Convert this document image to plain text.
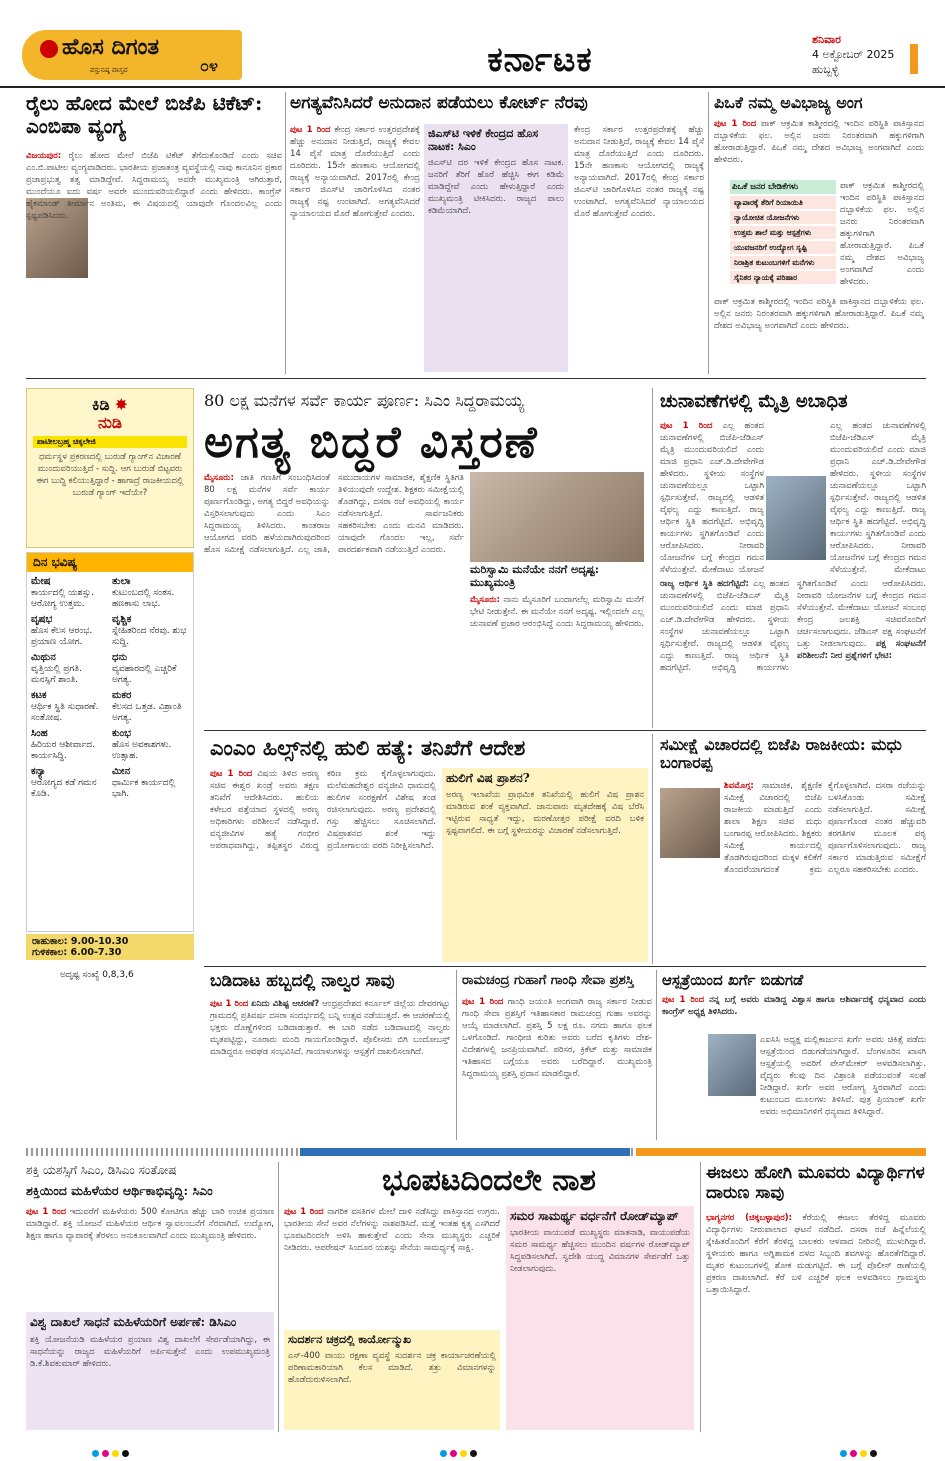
ಹೊಸ ದಿಗಂತ
ವಸ್ತುನಿಷ್ಠ ವಾಸ್ತವ	೦೪	ಕರ್ನಾಟಕ
ಶನಿವಾರ
4 ಅಕ್ಟೋಬರ್ 2025
ಹುಬ್ಬಳ್ಳಿ
ರೈಲು ಹೋದ ಮೇಲೆ ಬಿಜೆಪಿ ಟಿಕೆಟ್: ಎಂಬಿಪಾ ವ್ಯಂಗ್ಯ
ವಿಜಯಪುರ: ರೈಲು ಹೋದ ಮೇಲೆ ಬಿಜೆಪಿ ಟಿಕೆಟ್ ತೆಗೆದುಕೊಂಡಿದೆ ಎಂದು ಸಚಿವ ಎಂ.ಬಿ.ಪಾಟೀಲ ವ್ಯಂಗ್ಯವಾಡಿದರು. ಭಾರತೀಯ ಪ್ರಜಾತಂತ್ರ ವ್ಯವಸ್ಥೆಯಲ್ಲಿ ನಾವು ಕಾನೂನಿನ ಪ್ರಕಾರ ಪ್ರಜಾಪ್ರಭುತ್ವ ತತ್ವ ಮಾಡಿದ್ದೇವೆ. ಸಿದ್ದರಾಮಯ್ಯ ಅವರೇ ಮುಖ್ಯಮಂತ್ರಿ ಆಗಿರುತ್ತಾರೆ, ಮುಂದೆಯೂ ಐದು ವರ್ಷ ಅವರೇ ಮುಂದುವರಿಯಲಿದ್ದಾರೆ ಎಂದು ಹೇಳಿದರು. ಕಾಂಗ್ರೆಸ್ ಹೈಕಮಾಂಡ್ ತೀರ್ಮಾನ ಅಂತಿಮ, ಈ ವಿಷಯದಲ್ಲಿ ಯಾವುದೇ ಗೊಂದಲವಿಲ್ಲ ಎಂದು ಸ್ಪಷ್ಟಪಡಿಸಿದರು.
ಅಗತ್ಯವೆನಿಸಿದರೆ ಅನುದಾನ ಪಡೆಯಲು ಕೋರ್ಟ್ ನೆರವು
ಪುಟ 1 ರಿಂದ ಕೇಂದ್ರ ಸರ್ಕಾರ ಉತ್ತರಪ್ರದೇಶಕ್ಕೆ ಹೆಚ್ಚು ಅನುದಾನ ನೀಡುತ್ತಿದೆ, ರಾಜ್ಯಕ್ಕೆ ಕೇವಲ 14 ಪೈಸೆ ಮಾತ್ರ ದೊರೆಯುತ್ತಿದೆ ಎಂದು ದೂರಿದರು. 15ನೇ ಹಣಕಾಸು ಆಯೋಗದಲ್ಲಿ ರಾಜ್ಯಕ್ಕೆ ಅನ್ಯಾಯವಾಗಿದೆ. 2017ರಲ್ಲಿ ಕೇಂದ್ರ ಸರ್ಕಾರ ಜಿಎಸ್‌ಟಿ ಜಾರಿಗೊಳಿಸಿದ ನಂತರ ರಾಜ್ಯಕ್ಕೆ ನಷ್ಟ ಉಂಟಾಗಿದೆ. ಅಗತ್ಯವೆನಿಸಿದರೆ ನ್ಯಾಯಾಲಯದ ಮೊರೆ ಹೋಗುತ್ತೇವೆ ಎಂದರು.
ಜಿಎಸ್‌ಟಿ ಇಳಿಕೆ ಕೇಂದ್ರದ ಹೊಸ ನಾಟಕ: ಸಿಎಂ
ಜಿಎಸ್‌ಟಿ ದರ ಇಳಿಕೆ ಕೇಂದ್ರದ ಹೊಸ ನಾಟಕ. ಜನರಿಗೆ ತೆರಿಗೆ ಹೊರೆ ಹೆಚ್ಚಿಸಿ ಈಗ ಕಡಿಮೆ ಮಾಡಿದ್ದೇವೆ ಎಂದು ಹೇಳುತ್ತಿದ್ದಾರೆ ಎಂದು ಮುಖ್ಯಮಂತ್ರಿ ಟೀಕಿಸಿದರು. ರಾಜ್ಯದ ಪಾಲು ಕಡಿಮೆಯಾಗಿದೆ.
ಕೇಂದ್ರ ಸರ್ಕಾರ ಉತ್ತರಪ್ರದೇಶಕ್ಕೆ ಹೆಚ್ಚು ಅನುದಾನ ನೀಡುತ್ತಿದೆ, ರಾಜ್ಯಕ್ಕೆ ಕೇವಲ 14 ಪೈಸೆ ಮಾತ್ರ ದೊರೆಯುತ್ತಿದೆ ಎಂದು ದೂರಿದರು. 15ನೇ ಹಣಕಾಸು ಆಯೋಗದಲ್ಲಿ ರಾಜ್ಯಕ್ಕೆ ಅನ್ಯಾಯವಾಗಿದೆ. 2017ರಲ್ಲಿ ಕೇಂದ್ರ ಸರ್ಕಾರ ಜಿಎಸ್‌ಟಿ ಜಾರಿಗೊಳಿಸಿದ ನಂತರ ರಾಜ್ಯಕ್ಕೆ ನಷ್ಟ ಉಂಟಾಗಿದೆ. ಅಗತ್ಯವೆನಿಸಿದರೆ ನ್ಯಾಯಾಲಯದ ಮೊರೆ ಹೋಗುತ್ತೇವೆ ಎಂದರು.
ಪಿಒಕೆ ನಮ್ಮ ಅವಿಭಾಜ್ಯ ಅಂಗ
ಪುಟ 1 ರಿಂದ ಪಾಕ್ ಆಕ್ರಮಿತ ಕಾಶ್ಮೀರದಲ್ಲಿ ಇಂದಿನ ಪರಿಸ್ಥಿತಿ ಪಾಕಿಸ್ತಾನದ ದಬ್ಬಾಳಿಕೆಯ ಫಲ. ಅಲ್ಲಿನ ಜನರು ನಿರಂತರವಾಗಿ ಹಕ್ಕುಗಳಿಗಾಗಿ ಹೋರಾಡುತ್ತಿದ್ದಾರೆ. ಪಿಒಕೆ ನಮ್ಮ ದೇಶದ ಅವಿಭಾಜ್ಯ ಅಂಗವಾಗಿದೆ ಎಂದು ಹೇಳಿದರು.
ಪಿಒಕೆ ಜನರ ಬೇಡಿಕೆಗಳು
ವ್ಯಾಪಾರಕ್ಕೆ ತೆರಿಗೆ ರಿಯಾಯಿತಿ
ನ್ಯಾಯೋಚಿತ ಯೋಜನೆಗಳು
ಉತ್ತಮ ಶಾಲೆ ಮತ್ತು ಆಸ್ಪತ್ರೆಗಳು
ಯುವಜನರಿಗೆ ಉದ್ಯೋಗ ಸೃಷ್ಟಿ
ನಿರಾಶ್ರಿತ ಕುಟುಂಬಗಳಿಗೆ ಮನೆಗಳು
ಸೈನಿಕರ ನ್ಯಾಯಕ್ಕೆ ಪರಿಹಾರ
ಪಾಕ್ ಆಕ್ರಮಿತ ಕಾಶ್ಮೀರದಲ್ಲಿ ಇಂದಿನ ಪರಿಸ್ಥಿತಿ ಪಾಕಿಸ್ತಾನದ ದಬ್ಬಾಳಿಕೆಯ ಫಲ. ಅಲ್ಲಿನ ಜನರು ನಿರಂತರವಾಗಿ ಹಕ್ಕುಗಳಿಗಾಗಿ ಹೋರಾಡುತ್ತಿದ್ದಾರೆ. ಪಿಒಕೆ ನಮ್ಮ ದೇಶದ ಅವಿಭಾಜ್ಯ ಅಂಗವಾಗಿದೆ ಎಂದು ಹೇಳಿದರು.
ಪಾಕ್ ಆಕ್ರಮಿತ ಕಾಶ್ಮೀರದಲ್ಲಿ ಇಂದಿನ ಪರಿಸ್ಥಿತಿ ಪಾಕಿಸ್ತಾನದ ದಬ್ಬಾಳಿಕೆಯ ಫಲ. ಅಲ್ಲಿನ ಜನರು ನಿರಂತರವಾಗಿ ಹಕ್ಕುಗಳಿಗಾಗಿ ಹೋರಾಡುತ್ತಿದ್ದಾರೆ. ಪಿಒಕೆ ನಮ್ಮ ದೇಶದ ಅವಿಭಾಜ್ಯ ಅಂಗವಾಗಿದೆ ಎಂದು ಹೇಳಿದರು.
ಕಿಡಿ ✸
ನುಡಿ
ಪಾಟೀಲಬ್ರಹ್ಮ ಚಿಕ್ಕಲೇಜಿ
ಧರ್ಮಸ್ಥಳ ಪ್ರಕರಣದಲ್ಲಿ ಬುರುಡೆ ಗ್ಯಾಂಗ್‌ನ ವಿಚಾರಣೆ ಮುಂದುವರಿಯುತ್ತಿದೆ - ಸುದ್ದಿ. ಆಗ ಬುರುಡೆ ಬಿಟ್ಟವರು ಈಗ ಬುದ್ಧಿ ಕಲಿಯುತ್ತಿದ್ದಾರೆ - ಹಾಗಾದ್ರೆ ರಾಜಕೀಯದಲ್ಲಿ ಬುರುಡೆ ಗ್ಯಾಂಗ್ ಇದೆಯೇ?
ದಿನ ಭವಿಷ್ಯ
ಮೇಷ
ಕಾರ್ಯದಲ್ಲಿ ಯಶಸ್ಸು. ಆರೋಗ್ಯ ಉತ್ತಮ.
ತುಲಾ
ಕುಟುಂಬದಲ್ಲಿ ಸಂತಸ. ಹಣಕಾಸು ಲಾಭ.
ವೃಷಭ
ಹೊಸ ಕೆಲಸ ಆರಂಭ. ಪ್ರಯಾಣ ಯೋಗ.
ವೃಶ್ಚಿಕ
ಸ್ನೇಹಿತರಿಂದ ನೆರವು. ಶುಭ ಸುದ್ದಿ.
ಮಿಥುನ
ವೃತ್ತಿಯಲ್ಲಿ ಪ್ರಗತಿ. ಮನಸ್ಸಿಗೆ ಶಾಂತಿ.
ಧನು
ವ್ಯವಹಾರದಲ್ಲಿ ಎಚ್ಚರಿಕೆ ಅಗತ್ಯ.
ಕಟಕ
ಆರ್ಥಿಕ ಸ್ಥಿತಿ ಸುಧಾರಣೆ. ಸಂತೋಷ.
ಮಕರ
ಕೆಲಸದ ಒತ್ತಡ. ವಿಶ್ರಾಂತಿ ಅಗತ್ಯ.
ಸಿಂಹ
ಹಿರಿಯರ ಆಶೀರ್ವಾದ. ಕಾರ್ಯಸಿದ್ಧಿ.
ಕುಂಭ
ಹೊಸ ಅವಕಾಶಗಳು. ಉತ್ಸಾಹ.
ಕನ್ಯಾ
ಆರೋಗ್ಯದ ಕಡೆ ಗಮನ ಕೊಡಿ.
ಮೀನ
ಧಾರ್ಮಿಕ ಕಾರ್ಯದಲ್ಲಿ ಭಾಗಿ.
ರಾಹುಕಾಲ: 9.00-10.30
ಗುಳಿಕಕಾಲ: 6.00-7.30
ಅದೃಷ್ಟ ಸಂಖ್ಯೆ 0,8,3,6
80 ಲಕ್ಷ ಮನೆಗಳ ಸರ್ವೆ ಕಾರ್ಯ ಪೂರ್ಣ: ಸಿಎಂ ಸಿದ್ದರಾಮಯ್ಯ
ಅಗತ್ಯ ಬಿದ್ದರೆ ವಿಸ್ತರಣೆ
ಮೈಸೂರು: ಜಾತಿ ಗಣತಿಗೆ ಸಂಬಂಧಿಸಿದಂತೆ 80 ಲಕ್ಷ ಮನೆಗಳ ಸರ್ವೆ ಕಾರ್ಯ ಪೂರ್ಣಗೊಂಡಿದ್ದು, ಅಗತ್ಯ ಬಿದ್ದರೆ ಅವಧಿಯನ್ನು ವಿಸ್ತರಿಸಲಾಗುವುದು ಎಂದು ಸಿಎಂ ಸಿದ್ದರಾಮಯ್ಯ ತಿಳಿಸಿದರು. ಕಾಂತರಾಜ ಆಯೋಗದ ವರದಿ ಹಳೆಯದಾಗಿರುವುದರಿಂದ ಹೊಸ ಸಮೀಕ್ಷೆ ನಡೆಸಲಾಗುತ್ತಿದೆ. ಎಲ್ಲ ಜಾತಿ, ಸಮುದಾಯಗಳ ಸಾಮಾಜಿಕ, ಶೈಕ್ಷಣಿಕ ಸ್ಥಿತಿಗತಿ ತಿಳಿಯುವುದೇ ಉದ್ದೇಶ. ಶಿಕ್ಷಕರು ಸಮೀಕ್ಷೆಯಲ್ಲಿ ತೊಡಗಿದ್ದು, ದಸರಾ ರಜೆ ಅವಧಿಯಲ್ಲಿ ಕಾರ್ಯ ನಡೆಸಲಾಗುತ್ತಿದೆ. ಸಾರ್ವಜನಿಕರು ಸಹಕರಿಸಬೇಕು ಎಂದು ಮನವಿ ಮಾಡಿದರು. ಯಾವುದೇ ಗೊಂದಲ ಇಲ್ಲ, ಸರ್ವೆ ಪಾರದರ್ಶಕವಾಗಿ ನಡೆಯುತ್ತಿದೆ ಎಂದರು.
ಮರಿಸ್ವಾಮಿ ಮನೆಯೇ ನನಗೆ ಅದೃಷ್ಟ: ಮುಖ್ಯಮಂತ್ರಿ
ಮೈಸೂರು: ನಾನು ಮೈಸೂರಿಗೆ ಬಂದಾಗಲೆಲ್ಲ ಮರಿಸ್ವಾಮಿ ಮನೆಗೆ ಭೇಟಿ ನೀಡುತ್ತೇನೆ. ಈ ಮನೆಯೇ ನನಗೆ ಅದೃಷ್ಟ. ಇಲ್ಲಿಂದಲೇ ಎಲ್ಲ ಚುನಾವಣೆ ಪ್ರಚಾರ ಆರಂಭಿಸಿದ್ದೆ ಎಂದು ಸಿದ್ದರಾಮಯ್ಯ ಹೇಳಿದರು.
ಚುನಾವಣೆಗಳಲ್ಲಿ ಮೈತ್ರಿ ಅಬಾಧಿತ
ಪುಟ 1 ರಿಂದ ಎಲ್ಲ ಹಂತದ ಚುನಾವಣೆಗಳಲ್ಲಿ ಬಿಜೆಪಿ-ಜೆಡಿಎಸ್ ಮೈತ್ರಿ ಮುಂದುವರಿಯಲಿದೆ ಎಂದು ಮಾಜಿ ಪ್ರಧಾನಿ ಎಚ್.ಡಿ.ದೇವೇಗೌಡ ಹೇಳಿದರು. ಸ್ಥಳೀಯ ಸಂಸ್ಥೆಗಳ ಚುನಾವಣೆಯಲ್ಲೂ ಒಟ್ಟಾಗಿ ಸ್ಪರ್ಧಿಸುತ್ತೇವೆ. ರಾಜ್ಯದಲ್ಲಿ ಆಡಳಿತ ವೈಫಲ್ಯ ಎದ್ದು ಕಾಣುತ್ತಿದೆ. ರಾಜ್ಯ ಆರ್ಥಿಕ ಸ್ಥಿತಿ ಹದಗೆಟ್ಟಿದೆ. ಅಭಿವೃದ್ಧಿ ಕಾರ್ಯಗಳು ಸ್ಥಗಿತಗೊಂಡಿವೆ ಎಂದು ಆರೋಪಿಸಿದರು. ನೀರಾವರಿ ಯೋಜನೆಗಳ ಬಗ್ಗೆ ಕೇಂದ್ರದ ಗಮನ ಸೆಳೆಯುತ್ತೇನೆ. ಮೇಕೆದಾಟು ಯೋಜನೆ
ಎಲ್ಲ ಹಂತದ ಚುನಾವಣೆಗಳಲ್ಲಿ ಬಿಜೆಪಿ-ಜೆಡಿಎಸ್ ಮೈತ್ರಿ ಮುಂದುವರಿಯಲಿದೆ ಎಂದು ಮಾಜಿ ಪ್ರಧಾನಿ ಎಚ್.ಡಿ.ದೇವೇಗೌಡ ಹೇಳಿದರು. ಸ್ಥಳೀಯ ಸಂಸ್ಥೆಗಳ ಚುನಾವಣೆಯಲ್ಲೂ ಒಟ್ಟಾಗಿ ಸ್ಪರ್ಧಿಸುತ್ತೇವೆ. ರಾಜ್ಯದಲ್ಲಿ ಆಡಳಿತ ವೈಫಲ್ಯ ಎದ್ದು ಕಾಣುತ್ತಿದೆ. ರಾಜ್ಯ ಆರ್ಥಿಕ ಸ್ಥಿತಿ ಹದಗೆಟ್ಟಿದೆ. ಅಭಿವೃದ್ಧಿ ಕಾರ್ಯಗಳು ಸ್ಥಗಿತಗೊಂಡಿವೆ ಎಂದು ಆರೋಪಿಸಿದರು. ನೀರಾವರಿ ಯೋಜನೆಗಳ ಬಗ್ಗೆ ಕೇಂದ್ರದ ಗಮನ ಸೆಳೆಯುತ್ತೇನೆ. ಮೇಕೆದಾಟು
ರಾಜ್ಯ ಆರ್ಥಿಕ ಸ್ಥಿತಿ ಹದಗೆಟ್ಟಿದೆ: ಎಲ್ಲ ಹಂತದ ಚುನಾವಣೆಗಳಲ್ಲಿ ಬಿಜೆಪಿ-ಜೆಡಿಎಸ್ ಮೈತ್ರಿ ಮುಂದುವರಿಯಲಿದೆ ಎಂದು ಮಾಜಿ ಪ್ರಧಾನಿ ಎಚ್.ಡಿ.ದೇವೇಗೌಡ ಹೇಳಿದರು. ಸ್ಥಳೀಯ ಸಂಸ್ಥೆಗಳ ಚುನಾವಣೆಯಲ್ಲೂ ಒಟ್ಟಾಗಿ ಸ್ಪರ್ಧಿಸುತ್ತೇವೆ. ರಾಜ್ಯದಲ್ಲಿ ಆಡಳಿತ ವೈಫಲ್ಯ ಎದ್ದು ಕಾಣುತ್ತಿದೆ. ರಾಜ್ಯ ಆರ್ಥಿಕ ಸ್ಥಿತಿ ಹದಗೆಟ್ಟಿದೆ. ಅಭಿವೃದ್ಧಿ ಕಾರ್ಯಗಳು ಸ್ಥಗಿತಗೊಂಡಿವೆ ಎಂದು ಆರೋಪಿಸಿದರು. ನೀರಾವರಿ ಯೋಜನೆಗಳ ಬಗ್ಗೆ ಕೇಂದ್ರದ ಗಮನ ಸೆಳೆಯುತ್ತೇನೆ. ಮೇಕೆದಾಟು ಯೋಜನೆ ಸಂಬಂಧ ಕೇಂದ್ರ ಜಲಶಕ್ತಿ ಸಚಿವರೊಂದಿಗೆ ಚರ್ಚಿಸಲಾಗುವುದು. ಜೆಡಿಎಸ್ ಪಕ್ಷ ಸಂಘಟನೆಗೆ ಒತ್ತು ನೀಡಲಾಗುವುದು. ಪಕ್ಷ ಸಂಘಟನೆಗೆ ಪರಿಶೀಲನೆ: ನೀರ ಪ್ರಶ್ನೆಗಳಿಗೆ ಭೇಟಿ:
ಎಂಎಂ ಹಿಲ್ಸ್‌ನಲ್ಲಿ ಹುಲಿ ಹತ್ಯೆ: ತನಿಖೆಗೆ ಆದೇಶ
ಪುಟ 1 ರಿಂದ ವಿಷಯ ತಿಳಿದ ಅರಣ್ಯ ಸಚಿವ ಈಶ್ವರ ಖಂಡ್ರೆ ಅವರು ತಕ್ಷಣ ತನಿಖೆಗೆ ಆದೇಶಿಸಿದರು. ಹುಲಿಯ ಕಳೇಬರ ಪತ್ತೆಯಾದ ಸ್ಥಳದಲ್ಲಿ ಅರಣ್ಯ ಅಧಿಕಾರಿಗಳು ಪರಿಶೀಲನೆ ನಡೆಸಿದ್ದಾರೆ. ವನ್ಯಜೀವಿಗಳ ಹತ್ಯೆ ಗಂಭೀರ ಅಪರಾಧವಾಗಿದ್ದು, ತಪ್ಪಿತಸ್ಥರ ವಿರುದ್ಧ ಕಠಿಣ ಕ್ರಮ ಕೈಗೊಳ್ಳಲಾಗುವುದು. ಮಲೆಮಹದೇಶ್ವರ ವನ್ಯಜೀವಿ ಧಾಮದಲ್ಲಿ ಹುಲಿಗಳ ಸಂರಕ್ಷಣೆಗೆ ವಿಶೇಷ ತಂಡ ರಚಿಸಲಾಗುವುದು. ಅರಣ್ಯ ಪ್ರದೇಶದಲ್ಲಿ ಗಸ್ತು ಹೆಚ್ಚಿಸಲು ಸೂಚಿಸಲಾಗಿದೆ. ವಿಷಪ್ರಾಶನದ ಶಂಕೆ ಇದ್ದು ಪ್ರಯೋಗಾಲಯ ವರದಿ ನಿರೀಕ್ಷಿಸಲಾಗಿದೆ.
ಹುಲಿಗೆ ವಿಷ ಪ್ರಾಶನ?
ಅರಣ್ಯ ಇಲಾಖೆಯ ಪ್ರಾಥಮಿಕ ತನಿಖೆಯಲ್ಲಿ ಹುಲಿಗೆ ವಿಷ ಪ್ರಾಶನ ಮಾಡಿರುವ ಶಂಕೆ ವ್ಯಕ್ತವಾಗಿದೆ. ಜಾನುವಾರು ಮೃತದೇಹಕ್ಕೆ ವಿಷ ಬೆರೆಸಿ ಇಟ್ಟಿರುವ ಸಾಧ್ಯತೆ ಇದ್ದು, ಮರಣೋತ್ತರ ಪರೀಕ್ಷೆ ವರದಿ ಬಳಿಕ ಸ್ಪಷ್ಟವಾಗಲಿದೆ. ಈ ಬಗ್ಗೆ ಸ್ಥಳೀಯರನ್ನು ವಿಚಾರಣೆ ನಡೆಸಲಾಗುತ್ತಿದೆ.
ಸಮೀಕ್ಷೆ ವಿಚಾರದಲ್ಲಿ ಬಿಜೆಪಿ ರಾಜಕೀಯ: ಮಧು ಬಂಗಾರಪ್ಪ
ಶಿವಮೊಗ್ಗ: ಸಾಮಾಜಿಕ, ಶೈಕ್ಷಣಿಕ ಸಮೀಕ್ಷೆ ವಿಚಾರದಲ್ಲಿ ಬಿಜೆಪಿ ರಾಜಕೀಯ ಮಾಡುತ್ತಿದೆ ಎಂದು ಶಾಲಾ ಶಿಕ್ಷಣ ಸಚಿವ ಮಧು ಬಂಗಾರಪ್ಪ ಆರೋಪಿಸಿದರು. ಶಿಕ್ಷಕರು ಸಮೀಕ್ಷೆ ಕಾರ್ಯದಲ್ಲಿ ತೊಡಗಿರುವುದರಿಂದ ಮಕ್ಕಳ ಕಲಿಕೆಗೆ ತೊಂದರೆಯಾಗದಂತೆ ಕ್ರಮ ಕೈಗೊಳ್ಳಲಾಗಿದೆ. ದಸರಾ ರಜೆಯನ್ನು ಬಳಸಿಕೊಂಡು ಸಮೀಕ್ಷೆ ನಡೆಸಲಾಗುತ್ತಿದೆ. ಸಮೀಕ್ಷೆ ಪೂರ್ಣಗೊಂಡ ನಂತರ ಹೆಚ್ಚುವರಿ ತರಗತಿಗಳ ಮೂಲಕ ಪಠ್ಯ ಪೂರ್ಣಗೊಳಿಸಲಾಗುವುದು. ರಾಜ್ಯ ಸರ್ಕಾರ ಮಾಡುತ್ತಿರುವ ಸಮೀಕ್ಷೆಗೆ ಎಲ್ಲರೂ ಸಹಕರಿಸಬೇಕು ಎಂದರು.
ಬಡಿದಾಟ ಹಬ್ಬದಲ್ಲಿ ನಾಲ್ವರ ಸಾವು
ಪುಟ 1 ರಿಂದ ಏನಿದು ವಿಶಿಷ್ಟ ಆಚರಣೆ? ಆಂಧ್ರಪ್ರದೇಶದ ಕರ್ನೂಲ್ ಜಿಲ್ಲೆಯ ದೇವರಗಟ್ಟು ಗ್ರಾಮದಲ್ಲಿ ಪ್ರತಿವರ್ಷ ದಸರಾ ಸಂದರ್ಭದಲ್ಲಿ ಬನ್ನಿ ಉತ್ಸವ ನಡೆಯುತ್ತದೆ. ಈ ಆಚರಣೆಯಲ್ಲಿ ಭಕ್ತರು ದೊಣ್ಣೆಗಳಿಂದ ಬಡಿದಾಡುತ್ತಾರೆ. ಈ ಬಾರಿ ನಡೆದ ಬಡಿದಾಟದಲ್ಲಿ ನಾಲ್ವರು ಮೃತಪಟ್ಟಿದ್ದು, ನೂರಾರು ಮಂದಿ ಗಾಯಗೊಂಡಿದ್ದಾರೆ. ಪೊಲೀಸರು ಬಿಗಿ ಬಂದೋಬಸ್ತ್ ಮಾಡಿದ್ದರೂ ಅವಘಡ ಸಂಭವಿಸಿದೆ. ಗಾಯಾಳುಗಳನ್ನು ಆಸ್ಪತ್ರೆಗೆ ದಾಖಲಿಸಲಾಗಿದೆ.
ರಾಮಚಂದ್ರ ಗುಹಾಗೆ ಗಾಂಧಿ ಸೇವಾ ಪ್ರಶಸ್ತಿ
ಪುಟ 1 ರಿಂದ ಗಾಂಧಿ ಜಯಂತಿ ಅಂಗವಾಗಿ ರಾಜ್ಯ ಸರ್ಕಾರ ನೀಡುವ ಗಾಂಧಿ ಸೇವಾ ಪ್ರಶಸ್ತಿಗೆ ಇತಿಹಾಸಕಾರ ರಾಮಚಂದ್ರ ಗುಹಾ ಅವರನ್ನು ಆಯ್ಕೆ ಮಾಡಲಾಗಿದೆ. ಪ್ರಶಸ್ತಿ 5 ಲಕ್ಷ ರೂ. ನಗದು ಹಾಗೂ ಫಲಕ ಒಳಗೊಂಡಿದೆ. ಗಾಂಧೀಜಿ ಕುರಿತು ಅವರು ಬರೆದ ಕೃತಿಗಳು ದೇಶ-ವಿದೇಶಗಳಲ್ಲಿ ಜನಪ್ರಿಯವಾಗಿವೆ. ಪರಿಸರ, ಕ್ರಿಕೆಟ್ ಮತ್ತು ಸಾಮಾಜಿಕ ಇತಿಹಾಸದ ಬಗ್ಗೆಯೂ ಅವರು ಬರೆದಿದ್ದಾರೆ. ಮುಖ್ಯಮಂತ್ರಿ ಸಿದ್ದರಾಮಯ್ಯ ಪ್ರಶಸ್ತಿ ಪ್ರದಾನ ಮಾಡಲಿದ್ದಾರೆ.
ಆಸ್ಪತ್ರೆಯಿಂದ ಖರ್ಗೆ ಬಿಡುಗಡೆ
ಪುಟ 1 ರಿಂದ ನನ್ನ ಬಗ್ಗೆ ಅವರು ಮಾಡಿದ್ದ ವಿಶ್ವಾಸ ಹಾಗೂ ಆಶಿರ್ವಾದಕ್ಕೆ ಧನ್ಯವಾದ ಎಂದು ಕಾಂಗ್ರೆಸ್ ಅಧ್ಯಕ್ಷ ತಿಳಿಸಿದರು.
ಎಐಸಿಸಿ ಅಧ್ಯಕ್ಷ ಮಲ್ಲಿಕಾರ್ಜುನ ಖರ್ಗೆ ಅವರು ಚಿಕಿತ್ಸೆ ಪಡೆದು ಆಸ್ಪತ್ರೆಯಿಂದ ಬಿಡುಗಡೆಯಾಗಿದ್ದಾರೆ. ಬೆಂಗಳೂರಿನ ಖಾಸಗಿ ಆಸ್ಪತ್ರೆಯಲ್ಲಿ ಅವರಿಗೆ ಪೇಸ್‌ಮೇಕರ್ ಅಳವಡಿಸಲಾಗಿತ್ತು. ವೈದ್ಯರು ಕೆಲವು ದಿನ ವಿಶ್ರಾಂತಿ ಪಡೆಯುವಂತೆ ಸಲಹೆ ನೀಡಿದ್ದಾರೆ. ಖರ್ಗೆ ಅವರ ಆರೋಗ್ಯ ಸ್ಥಿರವಾಗಿದೆ ಎಂದು ಕುಟುಂಬದ ಮೂಲಗಳು ತಿಳಿಸಿವೆ. ಪುತ್ರ ಪ್ರಿಯಾಂಕ್ ಖರ್ಗೆ ಅವರು ಅಭಿಮಾನಿಗಳಿಗೆ ಧನ್ಯವಾದ ತಿಳಿಸಿದ್ದಾರೆ.
ಶಕ್ತಿ ಯಶಸ್ಸಿಗೆ ಸಿಎಂ, ಡಿಸಿಎಂ ಸಂತೋಷ
ಶಕ್ತಿಯಿಂದ ಮಹಿಳೆಯರ ಆರ್ಥಿಕಾಭಿವೃದ್ಧಿ: ಸಿಎಂ
ಪುಟ 1 ರಿಂದ ಇದುವರೆಗೆ ಮಹಿಳೆಯರು 500 ಕೋಟಿಗೂ ಹೆಚ್ಚು ಬಾರಿ ಉಚಿತ ಪ್ರಯಾಣ ಮಾಡಿದ್ದಾರೆ. ಶಕ್ತಿ ಯೋಜನೆ ಮಹಿಳೆಯರ ಆರ್ಥಿಕ ಸ್ವಾವಲಂಬನೆಗೆ ನೆರವಾಗಿದೆ. ಉದ್ಯೋಗ, ಶಿಕ್ಷಣ ಹಾಗೂ ವ್ಯಾಪಾರಕ್ಕೆ ತೆರಳಲು ಅನುಕೂಲವಾಗಿದೆ ಎಂದು ಮುಖ್ಯಮಂತ್ರಿ ಹೇಳಿದರು.
ವಿಶ್ವ ದಾಖಲೆ ಸಾಧನೆ ಮಹಿಳೆಯರಿಗೆ ಅರ್ಪಣೆ: ಡಿಸಿಎಂ
ಶಕ್ತಿ ಯೋಜನೆಯಡಿ ಮಹಿಳೆಯರ ಪ್ರಯಾಣ ವಿಶ್ವ ದಾಖಲೆಗೆ ಸೇರ್ಪಡೆಯಾಗಿದ್ದು, ಈ ಸಾಧನೆಯನ್ನು ರಾಜ್ಯದ ಮಹಿಳೆಯರಿಗೆ ಅರ್ಪಿಸುತ್ತೇನೆ ಎಂದು ಉಪಮುಖ್ಯಮಂತ್ರಿ ಡಿ.ಕೆ.ಶಿವಕುಮಾರ್ ಹೇಳಿದರು.
ಭೂಪಟದಿಂದಲೇ ನಾಶ
ಪುಟ 1 ರಿಂದ ನಾಗರಿಕ ವಸತಿಗಳ ಮೇಲೆ ದಾಳಿ ನಡೆಸಿದ್ದು ಪಾಕಿಸ್ತಾನದ ಉಗ್ರರು. ಭಾರತೀಯ ಸೇನೆ ಅವರ ನೆಲೆಗಳನ್ನು ನಾಶಪಡಿಸಿದೆ. ಮತ್ತೆ ಇಂತಹ ಕೃತ್ಯ ಎಸಗಿದರೆ ಭೂಪಟದಿಂದಲೇ ಅಳಿಸಿ ಹಾಕುತ್ತೇವೆ ಎಂದು ಸೇನಾ ಮುಖ್ಯಸ್ಥರು ಎಚ್ಚರಿಕೆ ನೀಡಿದರು. ಆಪರೇಷನ್ ಸಿಂದೂರ ಯಶಸ್ಸು ಸೇನೆಯ ಸಾಮರ್ಥ್ಯಕ್ಕೆ ಸಾಕ್ಷಿ.
ಸುದರ್ಶನ ಚಕ್ರದಲ್ಲಿ ಕಾರ್ಯೋನ್ಮುಖ
ಎಸ್-400 ವಾಯು ರಕ್ಷಣಾ ವ್ಯವಸ್ಥೆ ಸುದರ್ಶನ ಚಕ್ರ ಕಾರ್ಯಾಚರಣೆಯಲ್ಲಿ ಪರಿಣಾಮಕಾರಿಯಾಗಿ ಕೆಲಸ ಮಾಡಿದೆ. ಶತ್ರು ವಿಮಾನಗಳನ್ನು ಹೊಡೆದುರುಳಿಸಲಾಗಿದೆ.
ಸಮರ ಸಾಮರ್ಥ್ಯ ವರ್ಧನೆಗೆ ರೋಡ್‌ಮ್ಯಾಪ್
ಭಾರತೀಯ ವಾಯುಪಡೆ ಮುಖ್ಯಸ್ಥರು ಮಾತನಾಡಿ, ವಾಯುಪಡೆಯ ಸಮರ ಸಾಮರ್ಥ್ಯ ಹೆಚ್ಚಿಸಲು ಮುಂದಿನ ವರ್ಷಗಳ ರೋಡ್‌ಮ್ಯಾಪ್ ಸಿದ್ಧಪಡಿಸಲಾಗಿದೆ. ಸ್ವದೇಶಿ ಯುದ್ಧ ವಿಮಾನಗಳ ಸೇರ್ಪಡೆಗೆ ಒತ್ತು ನೀಡಲಾಗುವುದು.
ಈಜಲು ಹೋಗಿ ಮೂವರು ವಿದ್ಯಾರ್ಥಿಗಳ ದಾರುಣ ಸಾವು
ಭಾಗ್ಯನಗರ (ಚಿಕ್ಕಬಳ್ಳಾಪುರ): ಕೆರೆಯಲ್ಲಿ ಈಜಲು ತೆರಳಿದ್ದ ಮೂವರು ವಿದ್ಯಾರ್ಥಿಗಳು ನೀರುಪಾಲಾದ ಘಟನೆ ನಡೆದಿದೆ. ದಸರಾ ರಜೆ ಹಿನ್ನೆಲೆಯಲ್ಲಿ ಸ್ನೇಹಿತರೊಂದಿಗೆ ಕೆರೆಗೆ ತೆರಳಿದ್ದ ಬಾಲಕರು ಆಳವಾದ ನೀರಿನಲ್ಲಿ ಮುಳುಗಿದ್ದಾರೆ. ಸ್ಥಳೀಯರು ಹಾಗೂ ಅಗ್ನಿಶಾಮಕ ದಳದ ಸಿಬ್ಬಂದಿ ಶವಗಳನ್ನು ಹೊರತೆಗೆದಿದ್ದಾರೆ. ಮೃತರ ಕುಟುಂಬಗಳಲ್ಲಿ ಶೋಕ ಮಡುಗಟ್ಟಿದೆ. ಈ ಬಗ್ಗೆ ಪೊಲೀಸ್ ಠಾಣೆಯಲ್ಲಿ ಪ್ರಕರಣ ದಾಖಲಾಗಿದೆ. ಕೆರೆ ಬಳಿ ಎಚ್ಚರಿಕೆ ಫಲಕ ಅಳವಡಿಸಲು ಗ್ರಾಮಸ್ಥರು ಒತ್ತಾಯಿಸಿದ್ದಾರೆ.
